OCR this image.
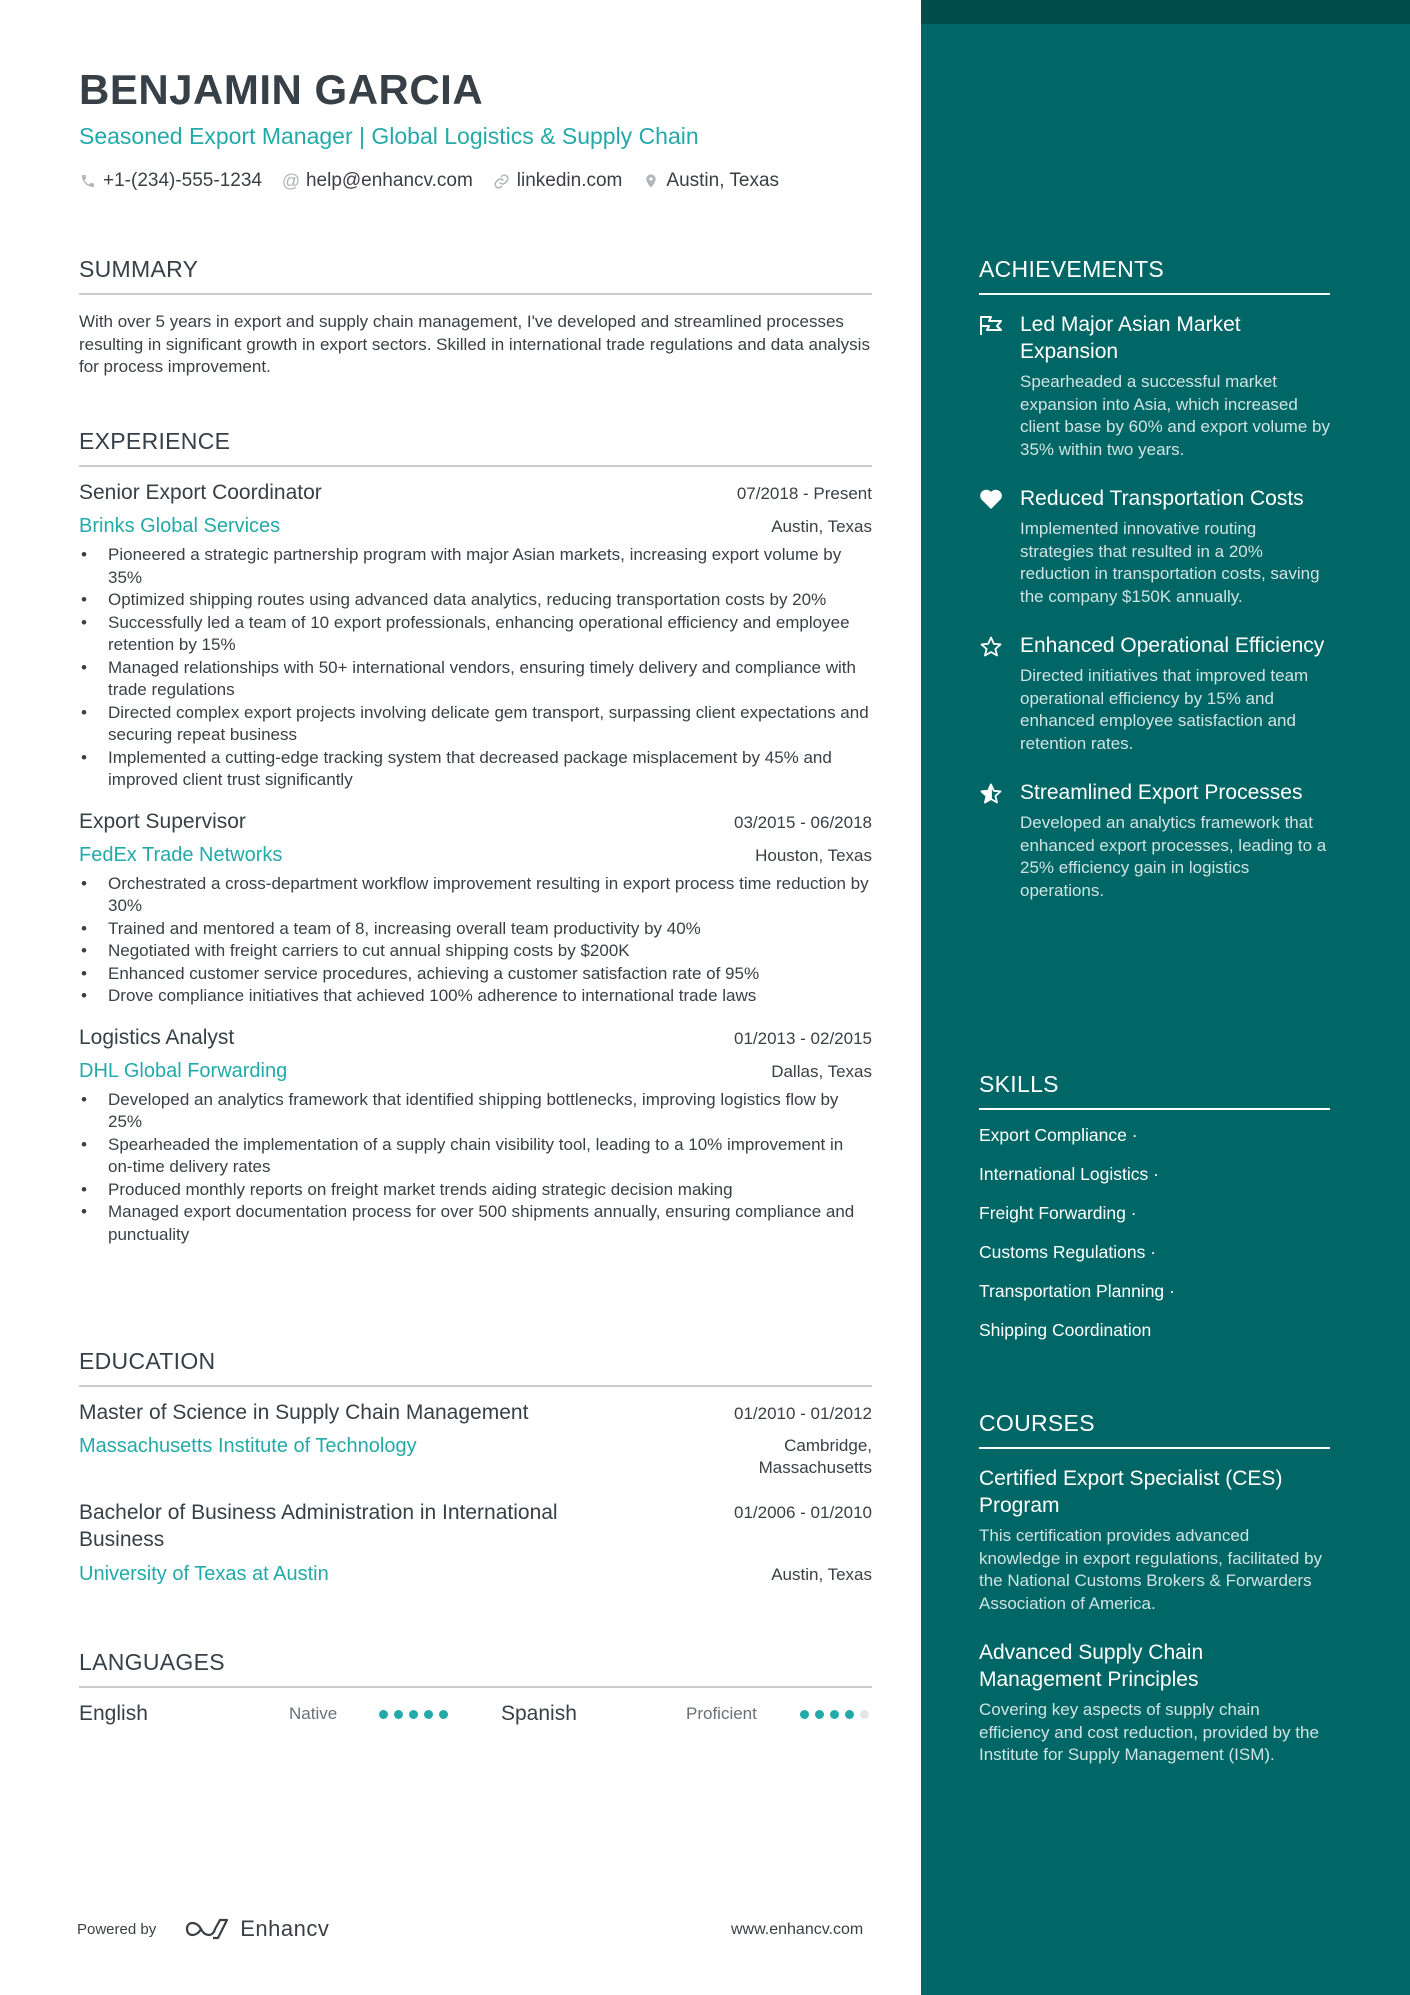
BENJAMIN GARCIA
Seasoned Export Manager | Global Logistics & Supply Chain
+1-(234)-555-1234 @ help@enhancv.com linkedin.com Austin, Texas
SUMMARY
With over 5 years in export and supply chain management, I've developed and streamlined processes resulting in significant growth in export sectors. Skilled in international trade regulations and data analysis for process improvement.
EXPERIENCE
Senior Export Coordinator	07/2018 - Present
Brinks Global Services	Austin, Texas
• Pioneered a strategic partnership program with major Asian markets, increasing export volume by 35%
• Optimized shipping routes using advanced data analytics, reducing transportation costs by 20%
• Successfully led a team of 10 export professionals, enhancing operational efficiency and employee retention by 15%
• Managed relationships with 50+ international vendors, ensuring timely delivery and compliance with trade regulations
• Directed complex export projects involving delicate gem transport, surpassing client expectations and securing repeat business
• Implemented a cutting-edge tracking system that decreased package misplacement by 45% and improved client trust significantly
Export Supervisor	03/2015 - 06/2018
FedEx Trade Networks	Houston, Texas
• Orchestrated a cross-department workflow improvement resulting in export process time reduction by 30%
• Trained and mentored a team of 8, increasing overall team productivity by 40%
• Negotiated with freight carriers to cut annual shipping costs by $200K
• Enhanced customer service procedures, achieving a customer satisfaction rate of 95%
• Drove compliance initiatives that achieved 100% adherence to international trade laws
Logistics Analyst	01/2013 - 02/2015
DHL Global Forwarding	Dallas, Texas
• Developed an analytics framework that identified shipping bottlenecks, improving logistics flow by 25%
• Spearheaded the implementation of a supply chain visibility tool, leading to a 10% improvement in on-time delivery rates
• Produced monthly reports on freight market trends aiding strategic decision making
• Managed export documentation process for over 500 shipments annually, ensuring compliance and punctuality
EDUCATION
Master of Science in Supply Chain Management	01/2010 - 01/2012
Massachusetts Institute of Technology	Cambridge,
Massachusetts
Bachelor of Business Administration in International
Business
01/2006 - 01/2010
University of Texas at Austin	Austin, Texas
LANGUAGES
English	Native	Spanish	Proficient
Powered by	Enhancv	www.enhancv.com
ACHIEVEMENTS
Led Major Asian Market Expansion
Spearheaded a successful market expansion into Asia, which increased client base by 60% and export volume by 35% within two years.
Reduced Transportation Costs
Implemented innovative routing strategies that resulted in a 20% reduction in transportation costs, saving the company $150K annually.
Enhanced Operational Efficiency
Directed initiatives that improved team operational efficiency by 15% and enhanced employee satisfaction and retention rates.
Streamlined Export Processes
Developed an analytics framework that enhanced export processes, leading to a 25% efficiency gain in logistics operations.
SKILLS
Export Compliance ·
International Logistics ·
Freight Forwarding ·
Customs Regulations ·
Transportation Planning ·
Shipping Coordination
COURSES
Certified Export Specialist (CES) Program
This certification provides advanced knowledge in export regulations, facilitated by the National Customs Brokers & Forwarders Association of America.
Advanced Supply Chain Management Principles
Covering key aspects of supply chain efficiency and cost reduction, provided by the Institute for Supply Management (ISM).
